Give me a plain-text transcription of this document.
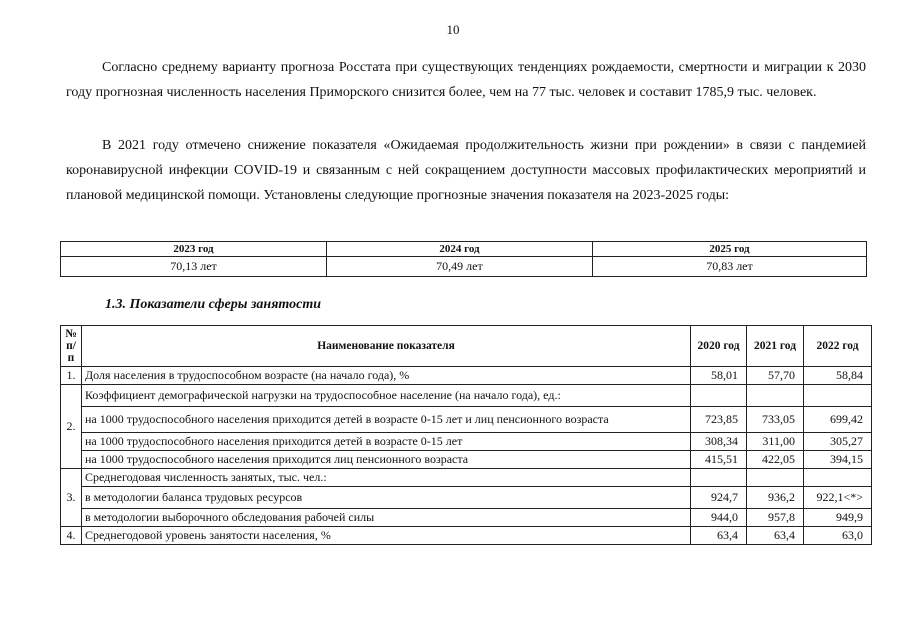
10

Согласно среднему варианту прогноза Росстата при существующих тенденциях рождаемости, смертности и миграции к 2030 году прогнозная численность населения Приморского снизится более, чем на 77 тыс. человек и составит 1785,9 тыс. человек.

В 2021 году отмечено снижение показателя «Ожидаемая продолжительность жизни при рождении» в связи с пандемией коронавирусной инфекции COVID-19 и связанным с ней сокращением доступности массовых профилактических мероприятий и плановой медицинской помощи. Установлены следующие прогнозные значения показателя на 2023-2025 годы:

2023 год	2024 год	2025 год
70,13 лет	70,49 лет	70,83 лет
1.3. Показатели сферы занятости
№ п/п	Наименование показателя	2020 год	2021 год	2022 год
1.	Доля населения в трудоспособном возрасте (на начало года), %	58,01	57,70	58,84
2.	Коэффициент демографической нагрузки на трудоспособное население (на начало года), ед.:			
	на 1000 трудоспособного населения приходится детей в возрасте 0-15 лет и лиц пенсионного возраста	723,85	733,05	699,42
	на 1000 трудоспособного населения приходится детей в возрасте 0-15 лет	308,34	311,00	305,27
	на 1000 трудоспособного населения приходится лиц пенсионного возраста	415,51	422,05	394,15
3.	Среднегодовая численность занятых, тыс. чел.:			
	в методологии баланса трудовых ресурсов	924,7	936,2	922,1<*>
	в методологии выборочного обследования рабочей силы	944,0	957,8	949,9
4.	Среднегодовой уровень занятости населения, %	63,4	63,4	63,0
